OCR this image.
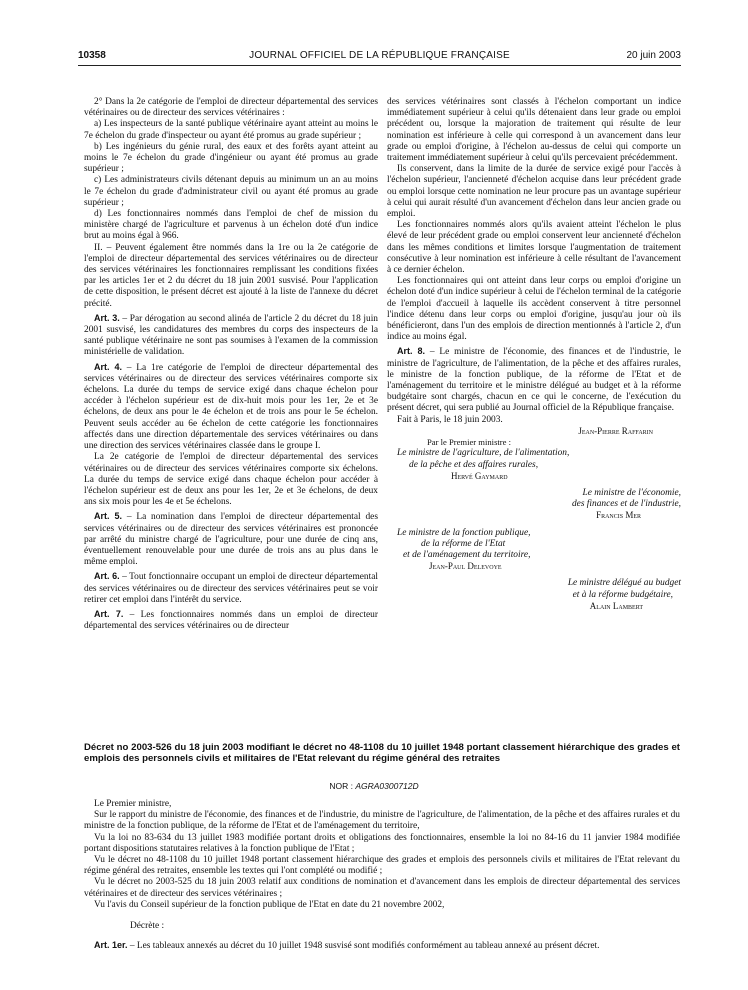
10358	JOURNAL OFFICIEL DE LA RÉPUBLIQUE FRANÇAISE	20 juin 2003

2° Dans la 2e catégorie de l'emploi de directeur départemental des services vétérinaires ou de directeur des services vétérinaires :

a) Les inspecteurs de la santé publique vétérinaire ayant atteint au moins le 7e échelon du grade d'inspecteur ou ayant été promus au grade supérieur ;

b) Les ingénieurs du génie rural, des eaux et des forêts ayant atteint au moins le 7e échelon du grade d'ingénieur ou ayant été promus au grade supérieur ;

c) Les administrateurs civils détenant depuis au minimum un an au moins le 7e échelon du grade d'administrateur civil ou ayant été promus au grade supérieur ;

d) Les fonctionnaires nommés dans l'emploi de chef de mission du ministère chargé de l'agriculture et parvenus à un échelon doté d'un indice brut au moins égal à 966.

II. – Peuvent également être nommés dans la 1re ou la 2e catégorie de l'emploi de directeur départemental des services vétérinaires ou de directeur des services vétérinaires les fonctionnaires remplissant les conditions fixées par les articles 1er et 2 du décret du 18 juin 2001 susvisé. Pour l'application de cette disposition, le présent décret est ajouté à la liste de l'annexe du décret précité.

Art. 3. – Par dérogation au second alinéa de l'article 2 du décret du 18 juin 2001 susvisé, les candidatures des membres du corps des inspecteurs de la santé publique vétérinaire ne sont pas soumises à l'examen de la commission ministérielle de validation.

Art. 4. – La 1re catégorie de l'emploi de directeur départemental des services vétérinaires ou de directeur des services vétérinaires comporte six échelons. La durée du temps de service exigé dans chaque échelon pour accéder à l'échelon supérieur est de dix-huit mois pour les 1er, 2e et 3e échelons, de deux ans pour le 4e échelon et de trois ans pour le 5e échelon. Peuvent seuls accéder au 6e échelon de cette catégorie les fonctionnaires affectés dans une direction départementale des services vétérinaires ou dans une direction des services vétérinaires classée dans le groupe I.

La 2e catégorie de l'emploi de directeur départemental des services vétérinaires ou de directeur des services vétérinaires comporte six échelons. La durée du temps de service exigé dans chaque échelon pour accéder à l'échelon supérieur est de deux ans pour les 1er, 2e et 3e échelons, de deux ans six mois pour les 4e et 5e échelons.

Art. 5. – La nomination dans l'emploi de directeur départemental des services vétérinaires ou de directeur des services vétérinaires est prononcée par arrêté du ministre chargé de l'agriculture, pour une durée de cinq ans, éventuellement renouvelable pour une durée de trois ans au plus dans le même emploi.

Art. 6. – Tout fonctionnaire occupant un emploi de directeur départemental des services vétérinaires ou de directeur des services vétérinaires peut se voir retirer cet emploi dans l'intérêt du service.

Art. 7. – Les fonctionnaires nommés dans un emploi de directeur départemental des services vétérinaires ou de directeur

des services vétérinaires sont classés à l'échelon comportant un indice immédiatement supérieur à celui qu'ils détenaient dans leur grade ou emploi précédent ou, lorsque la majoration de traitement qui résulte de leur nomination est inférieure à celle qui correspond à un avancement dans leur grade ou emploi d'origine, à l'échelon au-dessus de celui qui comporte un traitement immédiatement supérieur à celui qu'ils percevaient précédemment.

Ils conservent, dans la limite de la durée de service exigé pour l'accès à l'échelon supérieur, l'ancienneté d'échelon acquise dans leur précédent grade ou emploi lorsque cette nomination ne leur procure pas un avantage supérieur à celui qui aurait résulté d'un avancement d'échelon dans leur ancien grade ou emploi.

Les fonctionnaires nommés alors qu'ils avaient atteint l'échelon le plus élevé de leur précédent grade ou emploi conservent leur ancienneté d'échelon dans les mêmes conditions et limites lorsque l'augmentation de traitement consécutive à leur nomination est inférieure à celle résultant de l'avancement à ce dernier échelon.

Les fonctionnaires qui ont atteint dans leur corps ou emploi d'origine un échelon doté d'un indice supérieur à celui de l'échelon terminal de la catégorie de l'emploi d'accueil à laquelle ils accèdent conservent à titre personnel l'indice détenu dans leur corps ou emploi d'origine, jusqu'au jour où ils bénéficieront, dans l'un des emplois de direction mentionnés à l'article 2, d'un indice au moins égal.

Art. 8. – Le ministre de l'économie, des finances et de l'industrie, le ministre de l'agriculture, de l'alimentation, de la pêche et des affaires rurales, le ministre de la fonction publique, de la réforme de l'Etat et de l'aménagement du territoire et le ministre délégué au budget et à la réforme budgétaire sont chargés, chacun en ce qui le concerne, de l'exécution du présent décret, qui sera publié au Journal officiel de la République française.

Fait à Paris, le 18 juin 2003.

Jean-Pierre Raffarin

Par le Premier ministre :

Le ministre de l'agriculture, de l'alimentation,

de la pêche et des affaires rurales,

Hervé Gaymard

Le ministre de l'économie,

des finances et de l'industrie,

Francis Mer

Le ministre de la fonction publique,

de la réforme de l'Etat

et de l'aménagement du territoire,

Jean-Paul Delevoye

Le ministre délégué au budget

et à la réforme budgétaire,

Alain Lambert

Décret no 2003-526 du 18 juin 2003 modifiant le décret no 48-1108 du 10 juillet 1948 portant classement hiérarchique des grades et emplois des personnels civils et militaires de l'Etat relevant du régime général des retraites
NOR : AGRA0300712D

Le Premier ministre,

Sur le rapport du ministre de l'économie, des finances et de l'industrie, du ministre de l'agriculture, de l'alimentation, de la pêche et des affaires rurales et du ministre de la fonction publique, de la réforme de l'Etat et de l'aménagement du territoire,

Vu la loi no 83-634 du 13 juillet 1983 modifiée portant droits et obligations des fonctionnaires, ensemble la loi no 84-16 du 11 janvier 1984 modifiée portant dispositions statutaires relatives à la fonction publique de l'Etat ;

Vu le décret no 48-1108 du 10 juillet 1948 portant classement hiérarchique des grades et emplois des personnels civils et militaires de l'Etat relevant du régime général des retraites, ensemble les textes qui l'ont complété ou modifié ;

Vu le décret no 2003-525 du 18 juin 2003 relatif aux conditions de nomination et d'avancement dans les emplois de directeur départemental des services vétérinaires et de directeur des services vétérinaires ;

Vu l'avis du Conseil supérieur de la fonction publique de l'Etat en date du 21 novembre 2002,

Décrète :

Art. 1er. – Les tableaux annexés au décret du 10 juillet 1948 susvisé sont modifiés conformément au tableau annexé au présent décret.
